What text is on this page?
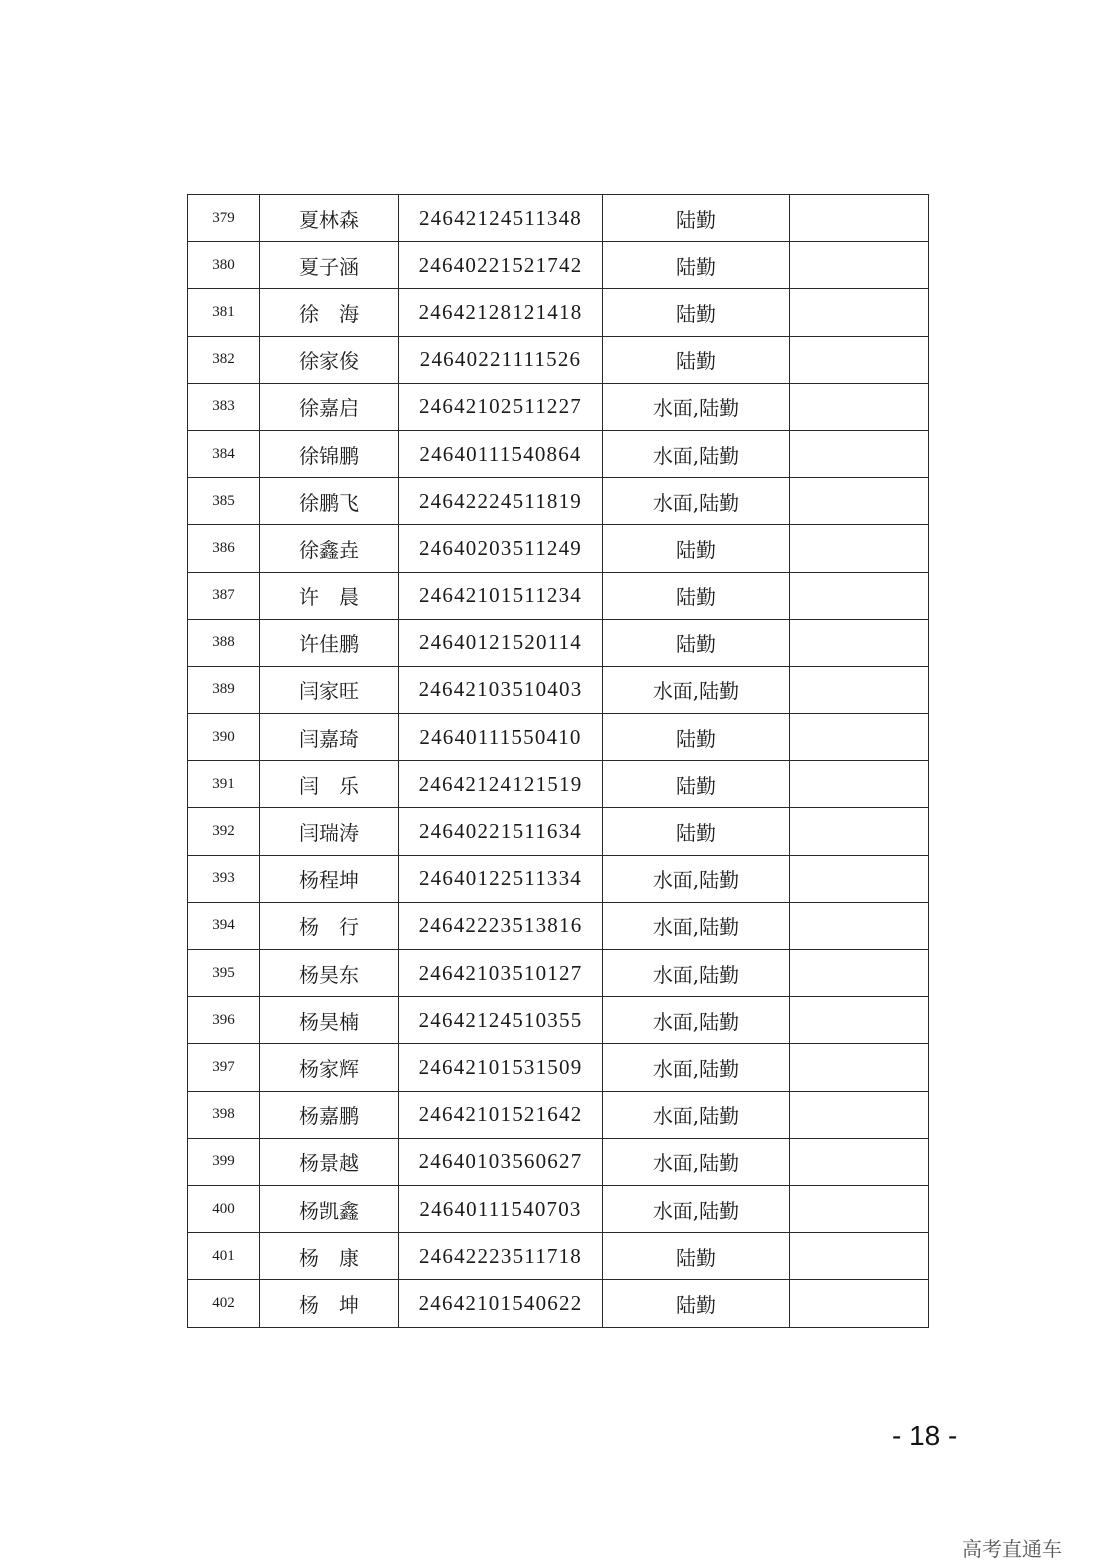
379	夏林森	24642124511348	陆勤	
380	夏子涵	24640221521742	陆勤	
381	徐　海	24642128121418	陆勤	
382	徐家俊	24640221111526	陆勤	
383	徐嘉启	24642102511227	水面,陆勤	
384	徐锦鹏	24640111540864	水面,陆勤	
385	徐鹏飞	24642224511819	水面,陆勤	
386	徐鑫垚	24640203511249	陆勤	
387	许　晨	24642101511234	陆勤	
388	许佳鹏	24640121520114	陆勤	
389	闫家旺	24642103510403	水面,陆勤	
390	闫嘉琦	24640111550410	陆勤	
391	闫　乐	24642124121519	陆勤	
392	闫瑞涛	24640221511634	陆勤	
393	杨程坤	24640122511334	水面,陆勤	
394	杨　行	24642223513816	水面,陆勤	
395	杨昊东	24642103510127	水面,陆勤	
396	杨昊楠	24642124510355	水面,陆勤	
397	杨家辉	24642101531509	水面,陆勤	
398	杨嘉鹏	24642101521642	水面,陆勤	
399	杨景越	24640103560627	水面,陆勤	
400	杨凯鑫	24640111540703	水面,陆勤	
401	杨　康	24642223511718	陆勤	
402	杨　坤	24642101540622	陆勤	
- 18 -
高考直通车
